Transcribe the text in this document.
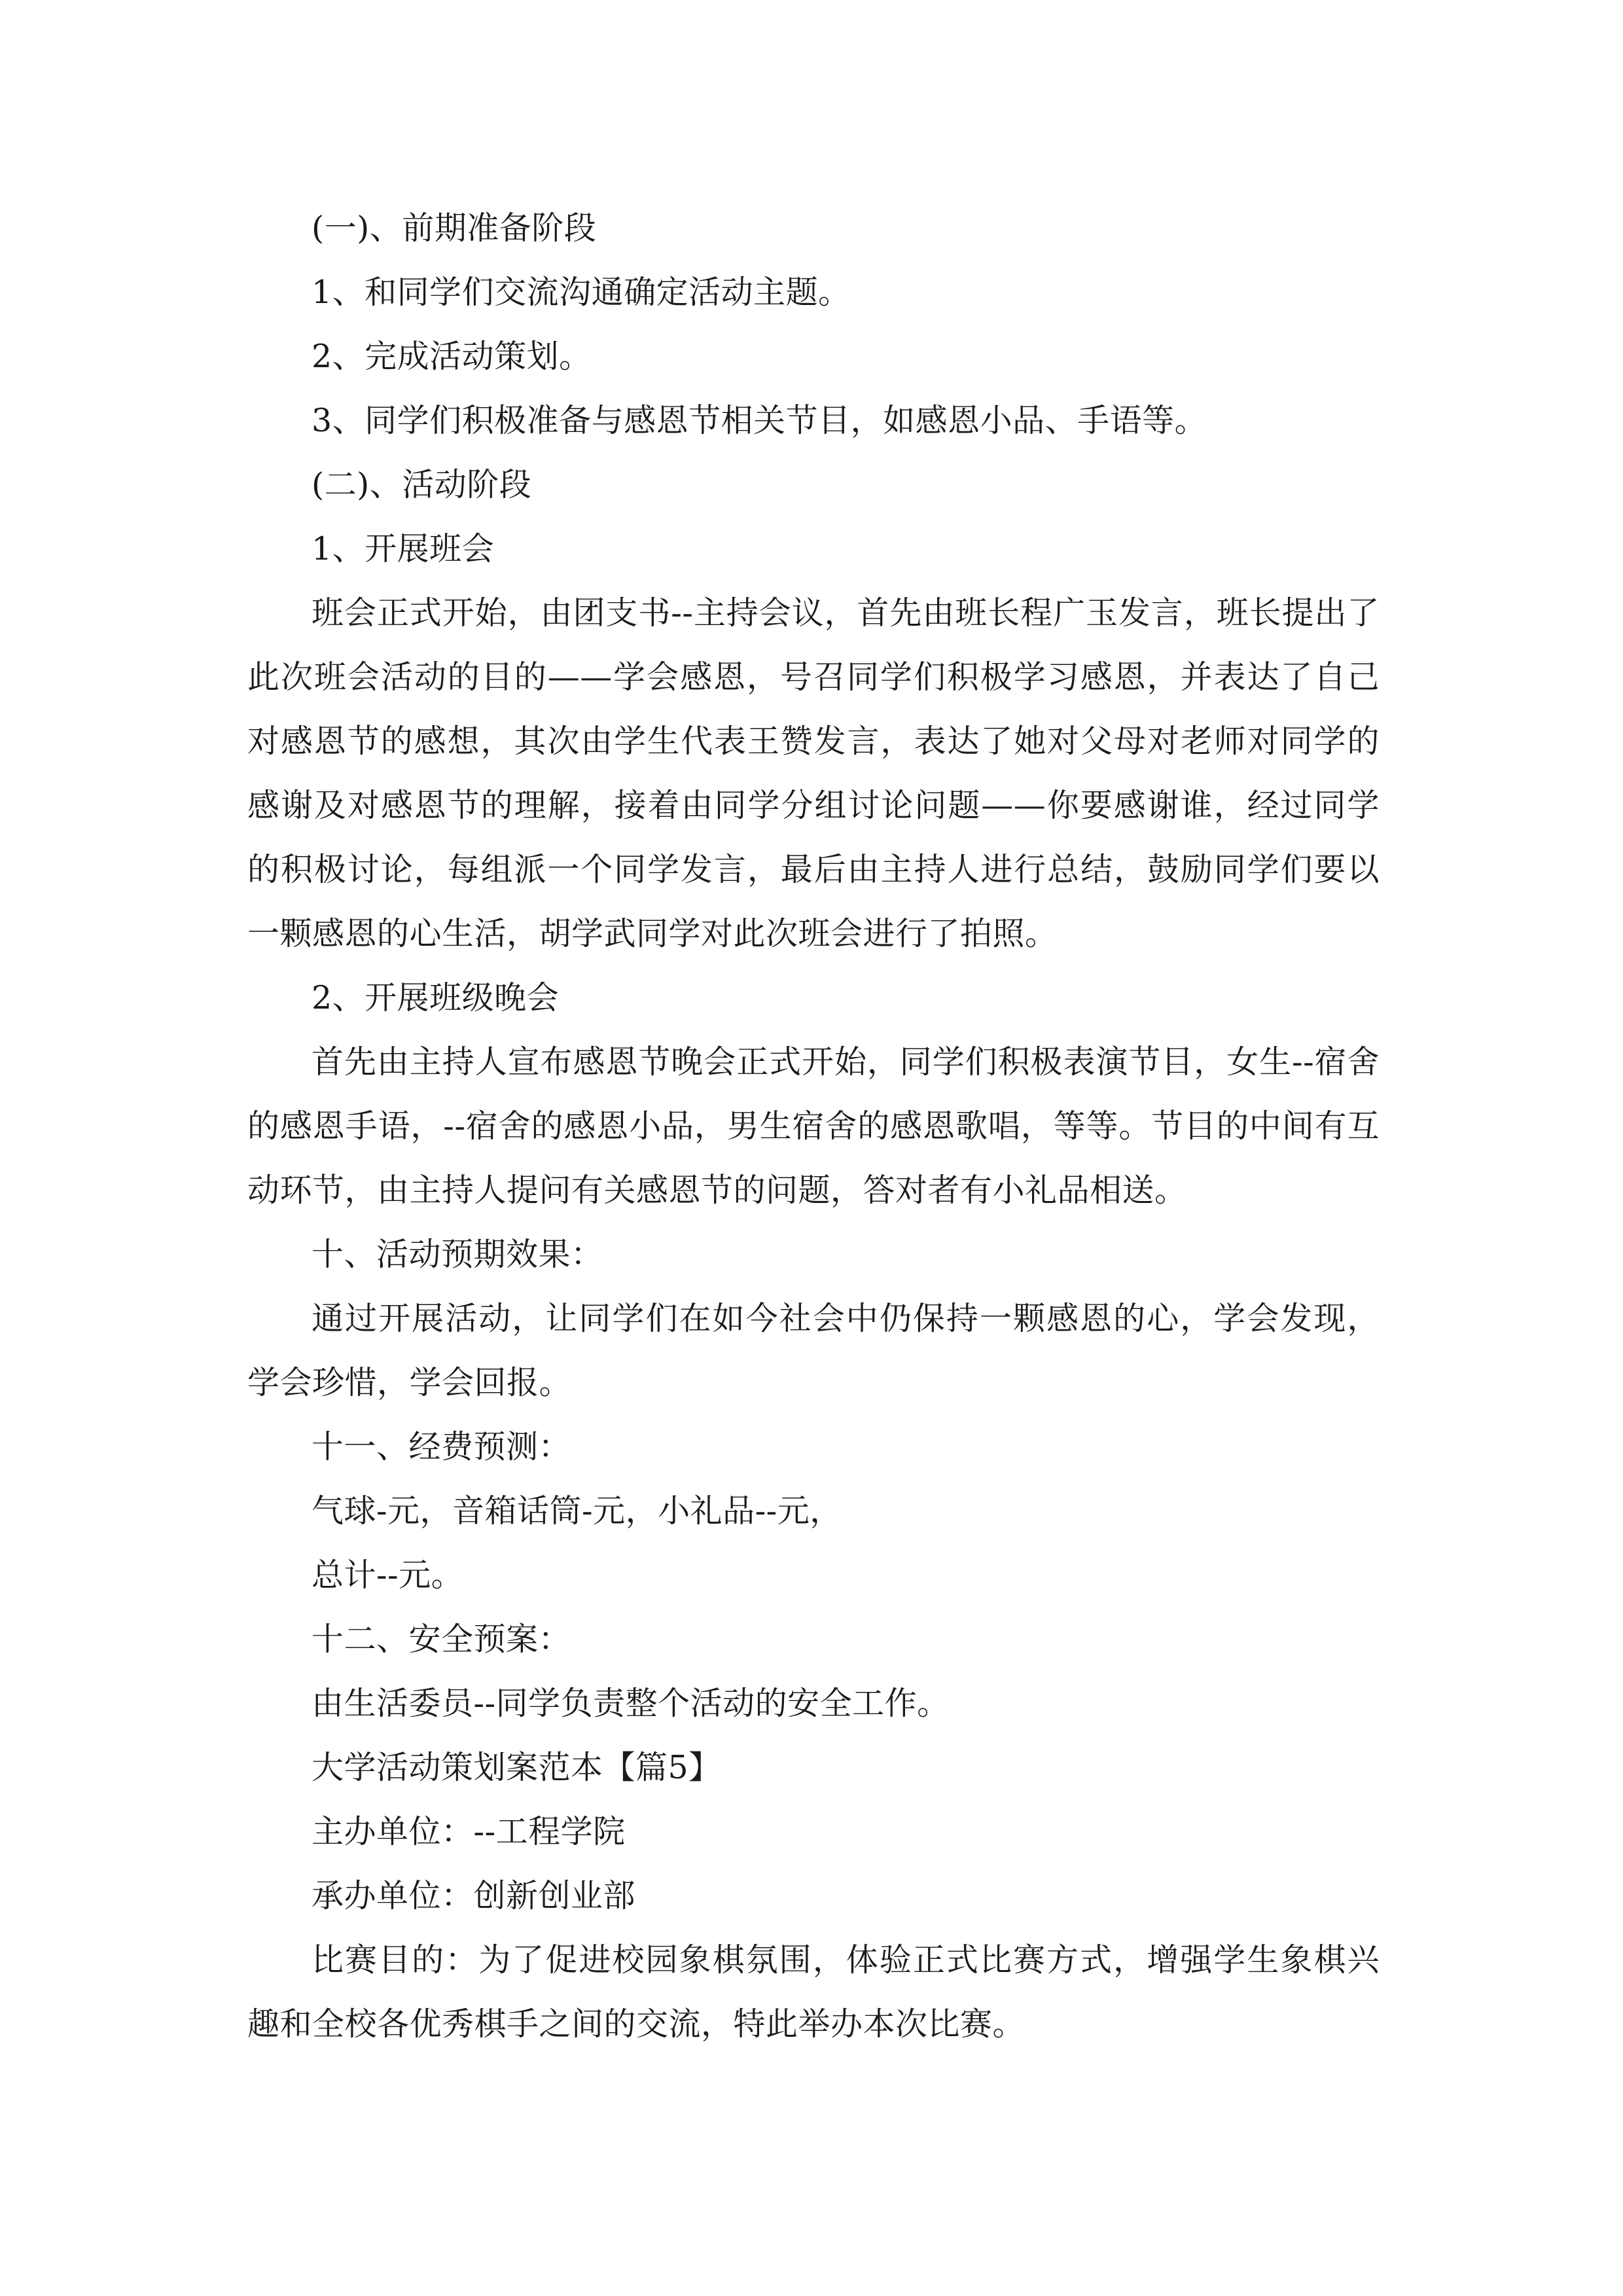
(一)、前期准备阶段

1、和同学们交流沟通确定活动主题。

2、完成活动策划。

3、同学们积极准备与感恩节相关节目，如感恩小品、手语等。

(二)、活动阶段

1、开展班会

班会正式开始，由团支书--主持会议，首先由班长程广玉发言，班长提出了此次班会活动的目的——学会感恩，号召同学们积极学习感恩，并表达了自己对感恩节的感想，其次由学生代表王赞发言，表达了她对父母对老师对同学的感谢及对感恩节的理解，接着由同学分组讨论问题——你要感谢谁，经过同学的积极讨论，每组派一个同学发言，最后由主持人进行总结，鼓励同学们要以一颗感恩的心生活，胡学武同学对此次班会进行了拍照。

2、开展班级晚会

首先由主持人宣布感恩节晚会正式开始，同学们积极表演节目，女生--宿舍的感恩手语，--宿舍的感恩小品，男生宿舍的感恩歌唱，等等。节目的中间有互动环节，由主持人提问有关感恩节的问题，答对者有小礼品相送。

十、活动预期效果：

通过开展活动，让同学们在如今社会中仍保持一颗感恩的心，学会发现，学会珍惜，学会回报。

十一、经费预测：

气球-元，音箱话筒-元，小礼品--元，

总计--元。

十二、安全预案：

由生活委员--同学负责整个活动的安全工作。

大学活动策划案范本【篇5】

主办单位：--工程学院

承办单位：创新创业部

比赛目的：为了促进校园象棋氛围，体验正式比赛方式，增强学生象棋兴趣和全校各优秀棋手之间的交流，特此举办本次比赛。
